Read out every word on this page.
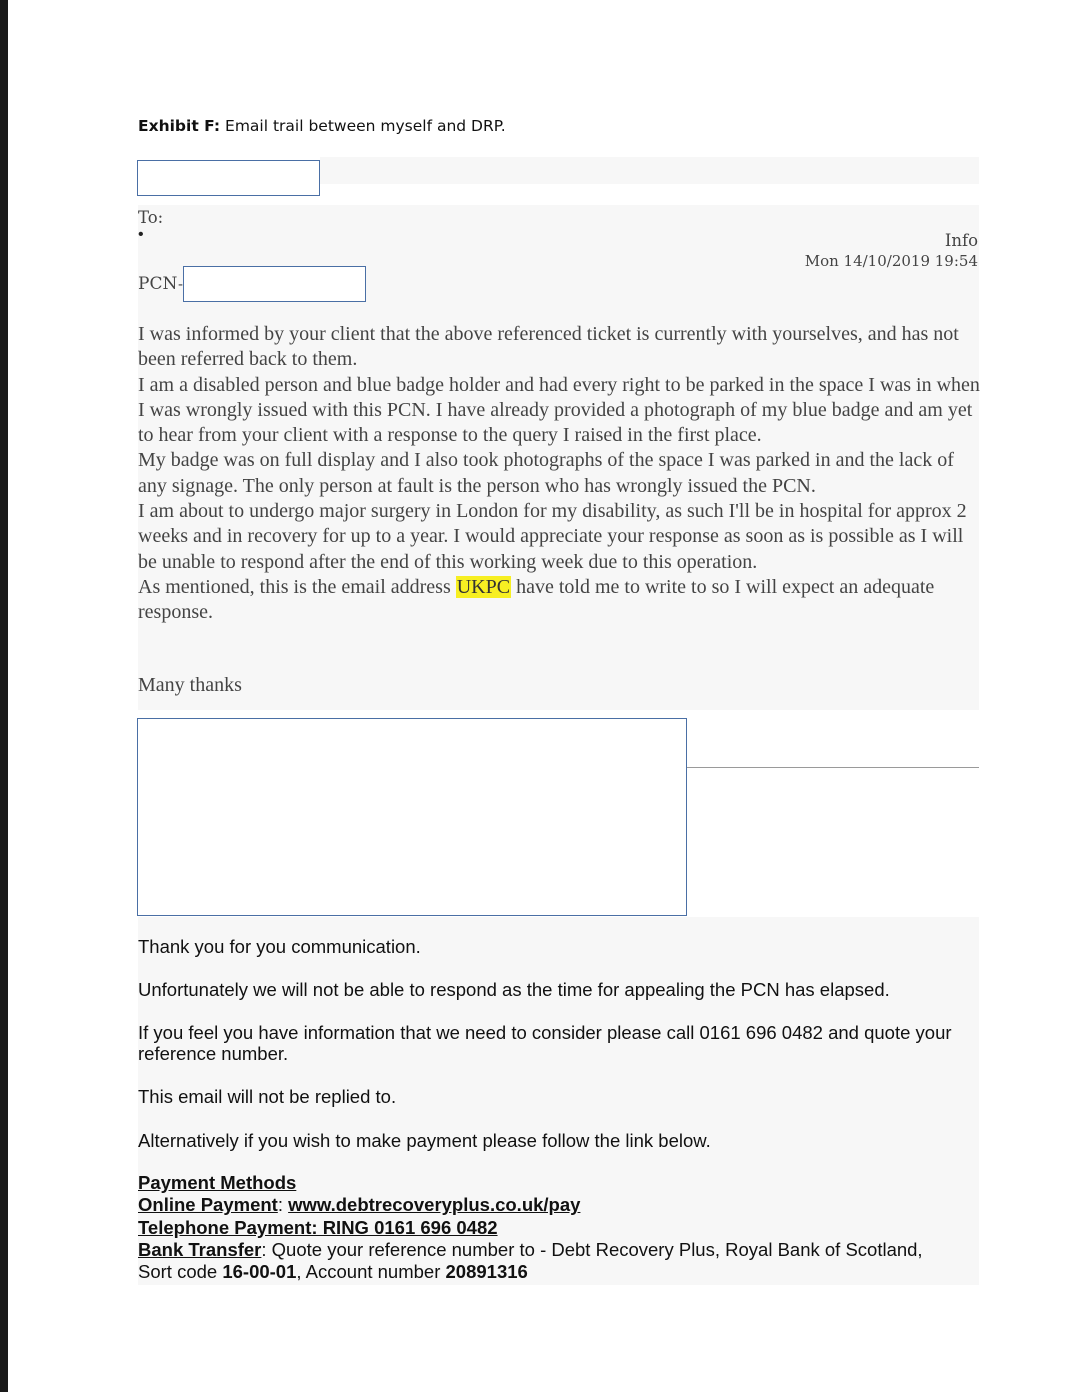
Exhibit F: Email trail between myself and DRP.
To:
•	Info
Mon 14/10/2019 19:54
PCN -

I was informed by your client that the above referenced ticket is currently with yourselves, and has not been referred back to them.

I am a disabled person and blue badge holder and had every right to be parked in the space I was in when I was wrongly issued with this PCN. I have already provided a photograph of my blue badge and am yet to hear from your client with a response to the query I raised in the first place.

My badge was on full display and I also took photographs of the space I was parked in and the lack of any signage. The only person at fault is the person who has wrongly issued the PCN.

I am about to undergo major surgery in London for my disability, as such I'll be in hospital for approx 2 weeks and in recovery for up to a year. I would appreciate your response as soon as is possible as I will be unable to respond after the end of this working week due to this operation.

As mentioned, this is the email address UKPC have told me to write to so I will expect an adequate response.

Many thanks
Thank you for you communication.
Unfortunately we will not be able to respond as the time for appealing the PCN has elapsed.
If you feel you have information that we need to consider please call 0161 696 0482 and quote your reference number.
This email will not be replied to.
Alternatively if you wish to make payment please follow the link below.
Payment Methods
Online Payment: www.debtrecoveryplus.co.uk/pay
Telephone Payment: RING 0161 696 0482
Bank Transfer: Quote your reference number to - Debt Recovery Plus, Royal Bank of Scotland,
Sort code 16-00-01, Account number 20891316
